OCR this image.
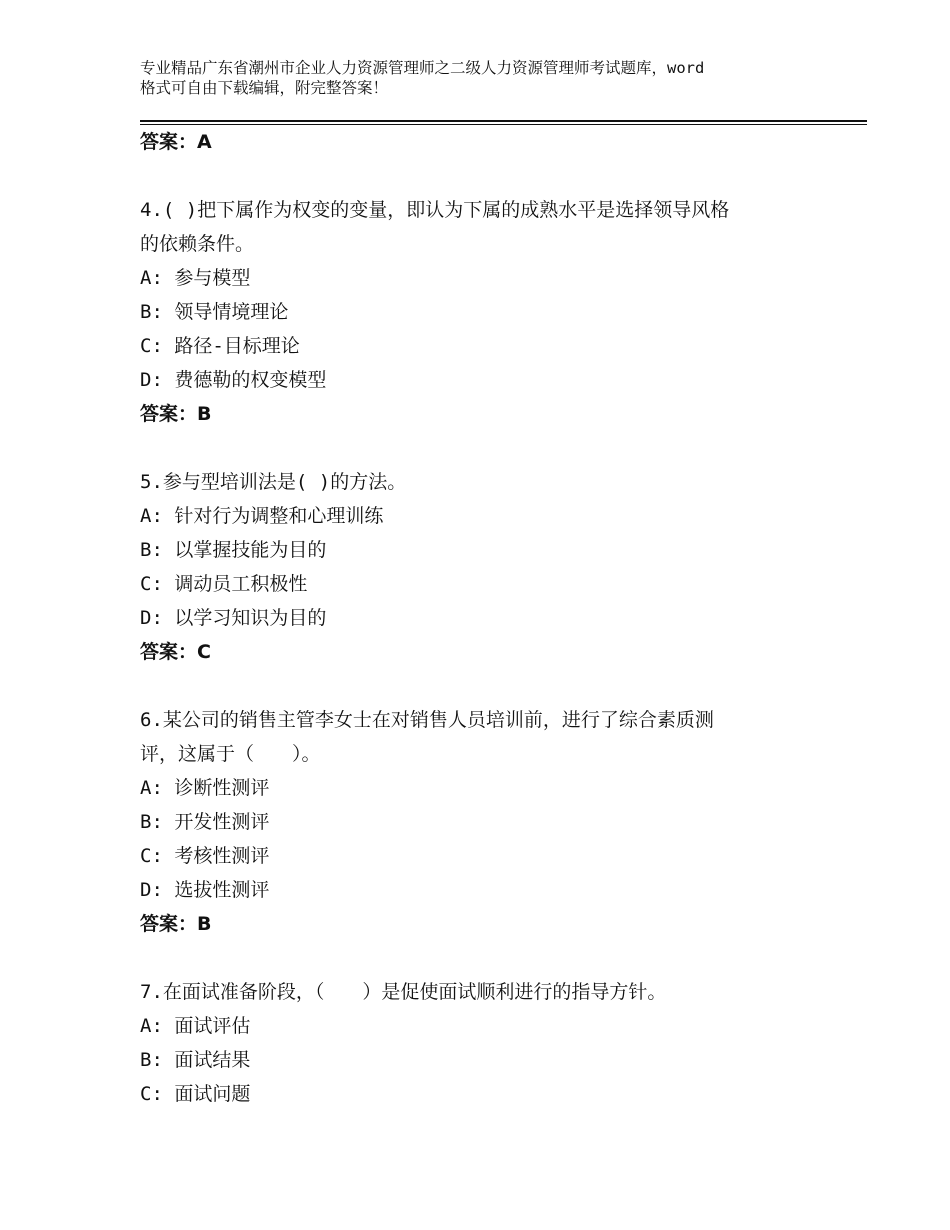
专业精品广东省潮州市企业人力资源管理师之二级人力资源管理师考试题库，word
格式可自由下载编辑，附完整答案！
答案：A
4.( )把下属作为权变的变量，即认为下属的成熟水平是选择领导风格
的依赖条件。
A: 参与模型
B: 领导情境理论
C: 路径-目标理论
D: 费德勒的权变模型
答案：B
5.参与型培训法是( )的方法。
A: 针对行为调整和心理训练
B: 以掌握技能为目的
C: 调动员工积极性
D: 以学习知识为目的
答案：C
6.某公司的销售主管李女士在对销售人员培训前，进行了综合素质测
评，这属于（　　）。
A: 诊断性测评
B: 开发性测评
C: 考核性测评
D: 选拔性测评
答案：B
7.在面试准备阶段，（　　）是促使面试顺利进行的指导方针。
A: 面试评估
B: 面试结果
C: 面试问题
